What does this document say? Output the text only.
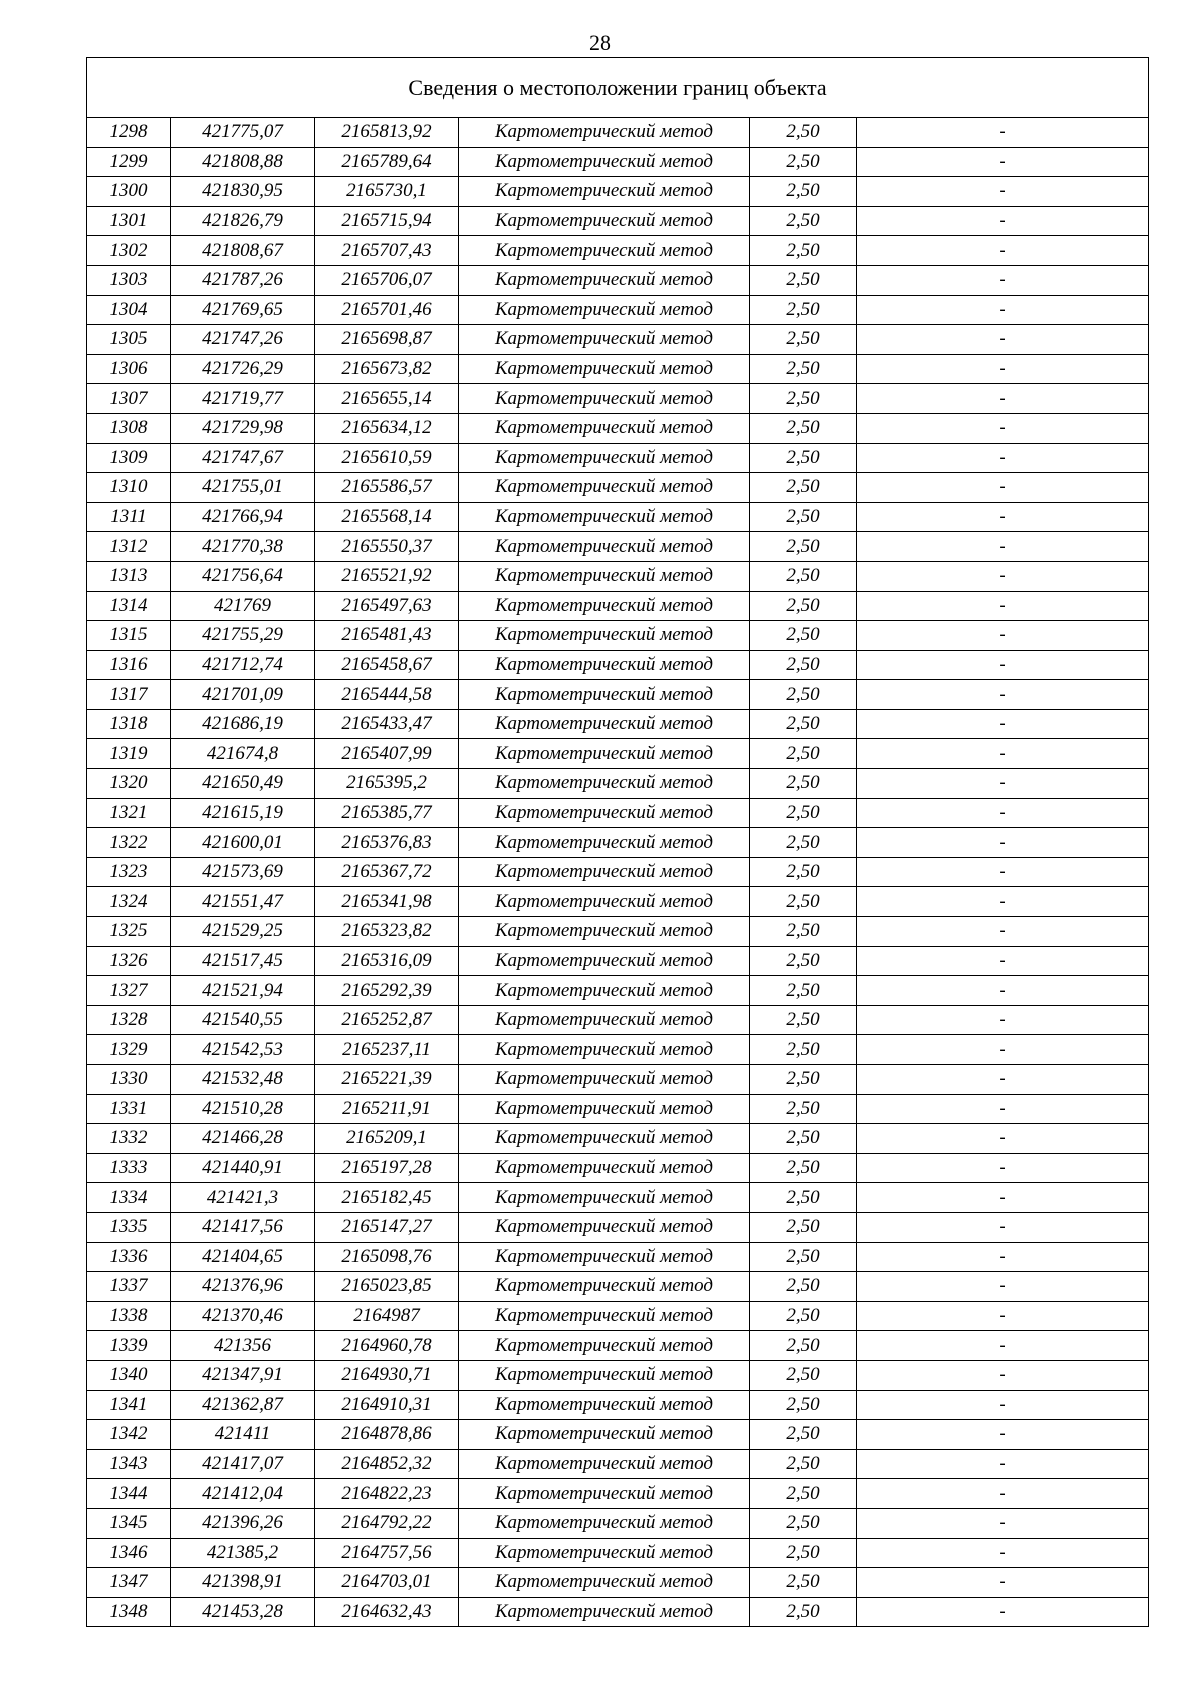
28
Сведения о местоположении границ объекта					
1298	421775,07	2165813,92	Картометрический метод	2,50	-
1299	421808,88	2165789,64	Картометрический метод	2,50	-
1300	421830,95	2165730,1	Картометрический метод	2,50	-
1301	421826,79	2165715,94	Картометрический метод	2,50	-
1302	421808,67	2165707,43	Картометрический метод	2,50	-
1303	421787,26	2165706,07	Картометрический метод	2,50	-
1304	421769,65	2165701,46	Картометрический метод	2,50	-
1305	421747,26	2165698,87	Картометрический метод	2,50	-
1306	421726,29	2165673,82	Картометрический метод	2,50	-
1307	421719,77	2165655,14	Картометрический метод	2,50	-
1308	421729,98	2165634,12	Картометрический метод	2,50	-
1309	421747,67	2165610,59	Картометрический метод	2,50	-
1310	421755,01	2165586,57	Картометрический метод	2,50	-
1311	421766,94	2165568,14	Картометрический метод	2,50	-
1312	421770,38	2165550,37	Картометрический метод	2,50	-
1313	421756,64	2165521,92	Картометрический метод	2,50	-
1314	421769	2165497,63	Картометрический метод	2,50	-
1315	421755,29	2165481,43	Картометрический метод	2,50	-
1316	421712,74	2165458,67	Картометрический метод	2,50	-
1317	421701,09	2165444,58	Картометрический метод	2,50	-
1318	421686,19	2165433,47	Картометрический метод	2,50	-
1319	421674,8	2165407,99	Картометрический метод	2,50	-
1320	421650,49	2165395,2	Картометрический метод	2,50	-
1321	421615,19	2165385,77	Картометрический метод	2,50	-
1322	421600,01	2165376,83	Картометрический метод	2,50	-
1323	421573,69	2165367,72	Картометрический метод	2,50	-
1324	421551,47	2165341,98	Картометрический метод	2,50	-
1325	421529,25	2165323,82	Картометрический метод	2,50	-
1326	421517,45	2165316,09	Картометрический метод	2,50	-
1327	421521,94	2165292,39	Картометрический метод	2,50	-
1328	421540,55	2165252,87	Картометрический метод	2,50	-
1329	421542,53	2165237,11	Картометрический метод	2,50	-
1330	421532,48	2165221,39	Картометрический метод	2,50	-
1331	421510,28	2165211,91	Картометрический метод	2,50	-
1332	421466,28	2165209,1	Картометрический метод	2,50	-
1333	421440,91	2165197,28	Картометрический метод	2,50	-
1334	421421,3	2165182,45	Картометрический метод	2,50	-
1335	421417,56	2165147,27	Картометрический метод	2,50	-
1336	421404,65	2165098,76	Картометрический метод	2,50	-
1337	421376,96	2165023,85	Картометрический метод	2,50	-
1338	421370,46	2164987	Картометрический метод	2,50	-
1339	421356	2164960,78	Картометрический метод	2,50	-
1340	421347,91	2164930,71	Картометрический метод	2,50	-
1341	421362,87	2164910,31	Картометрический метод	2,50	-
1342	421411	2164878,86	Картометрический метод	2,50	-
1343	421417,07	2164852,32	Картометрический метод	2,50	-
1344	421412,04	2164822,23	Картометрический метод	2,50	-
1345	421396,26	2164792,22	Картометрический метод	2,50	-
1346	421385,2	2164757,56	Картометрический метод	2,50	-
1347	421398,91	2164703,01	Картометрический метод	2,50	-
1348	421453,28	2164632,43	Картометрический метод	2,50	-
